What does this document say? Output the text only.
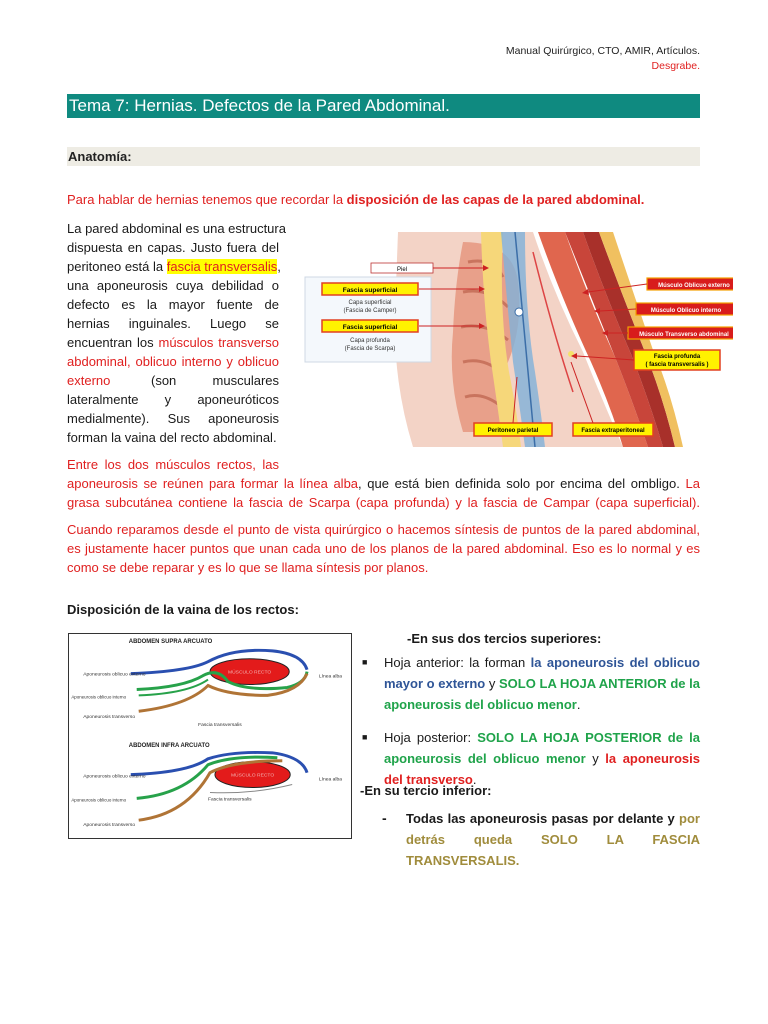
Manual Quirúrgico, CTO, AMIR, Artículos.
Desgrabe.
Tema 7: Hernias. Defectos de la Pared Abdominal.
Anatomía:
Para hablar de hernias tenemos que recordar la disposición de las capas de la pared abdominal.
La pared abdominal es una estructura
dispuesta en capas. Justo fuera del
peritoneo está la fascia transversalis,
una aponeurosis cuya debilidad o
defecto es la mayor fuente de
hernias inguinales. Luego se
encuentran los músculos transverso
abdominal, oblicuo interno y oblicuo
externo	(son	musculares
lateralmente y aponeuróticos
medialmente). Sus aponeurosis
forman la vaina del recto abdominal.
Piel
Fascia superficial
Capa superficial
(Fascia de Camper)
Fascia superficial
Capa profunda
(Fascia de Scarpa)
Músculo Oblicuo externo
Músculo Oblicuo interno
Músculo Transverso abdominal
Fascia profunda
( fascia transversalis )
Peritoneo parietal	Fascia extraperitoneal
Entre los dos músculos rectos, las
aponeurosis se reúnen para formar la línea alba, que está bien definida solo por encima del ombligo. La grasa subcutánea contiene la fascia de Scarpa (capa profunda) y la fascia de Campar (capa superficial).
Cuando reparamos desde el punto de vista quirúrgico o hacemos síntesis de puntos de la pared abdominal, es justamente hacer puntos que unan cada uno de los planos de la pared abdominal. Eso es lo normal y es como se debe reparar y es lo que se llama síntesis por planos.
Disposición de la vaina de los rectos:
ABDOMEN SUPRA ARCUATO
MÚSCULO RECTO
Aponeurosis oblicuo externo
Aponeurosis oblicuo interno
Aponeurosis transverso
Fascia transversalis
Línea alba
ABDOMEN INFRA ARCUATO
MÚSCULO RECTO
Aponeurosis oblicuo externo
Aponeurosis oblicuo interno
Aponeurosis transverso
Fascia transversalis
Línea alba
-En sus dos tercios superiores:
■	Hoja anterior: la forman la aponeurosis del oblicuo mayor o externo y SOLO LA HOJA ANTERIOR de la aponeurosis del oblicuo menor.
■	Hoja posterior: SOLO LA HOJA POSTERIOR de la aponeurosis del oblicuo menor y la aponeurosis del transverso.
-En su tercio inferior:
-	Todas las aponeurosis pasas por delante y por detrás queda SOLO LA FASCIA TRANSVERSALIS.
